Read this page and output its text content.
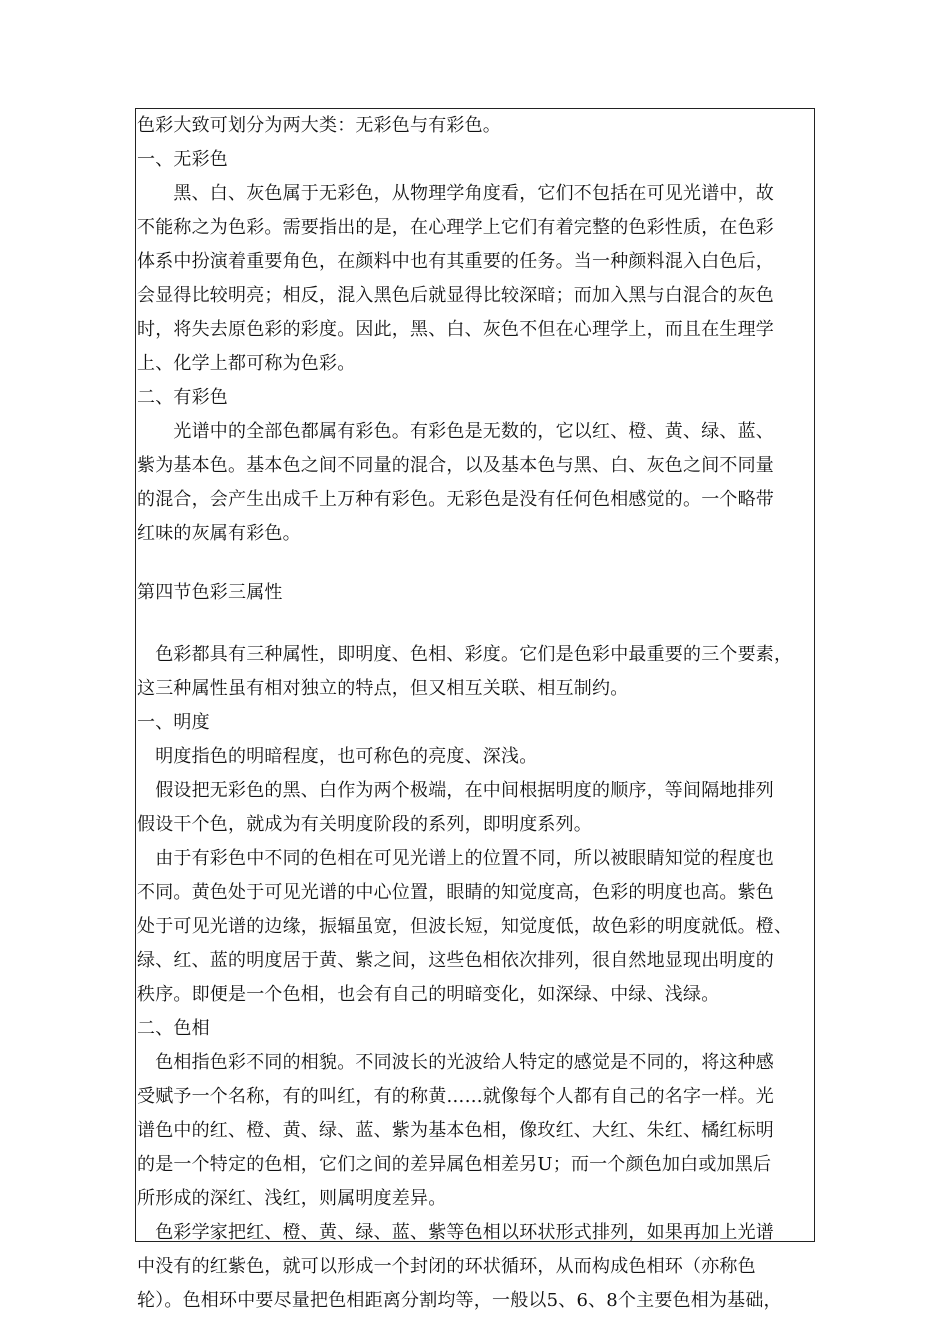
色彩大致可划分为两大类：无彩色与有彩色。
一、无彩色
　　黑、白、灰色属于无彩色，从物理学角度看，它们不包括在可见光谱中，故
不能称之为色彩。需要指出的是，在心理学上它们有着完整的色彩性质，在色彩
体系中扮演着重要角色，在颜料中也有其重要的任务。当一种颜料混入白色后，
会显得比较明亮；相反，混入黑色后就显得比较深暗；而加入黑与白混合的灰色
时，将失去原色彩的彩度。因此，黑、白、灰色不但在心理学上，而且在生理学
上、化学上都可称为色彩。
二、有彩色
　　光谱中的全部色都属有彩色。有彩色是无数的，它以红、橙、黄、绿、蓝、
紫为基本色。基本色之间不同量的混合，以及基本色与黑、白、灰色之间不同量
的混合，会产生出成千上万种有彩色。无彩色是没有任何色相感觉的。一个略带
红味的灰属有彩色。
第四节色彩三属性
　色彩都具有三种属性，即明度、色相、彩度。它们是色彩中最重要的三个要素，
这三种属性虽有相对独立的特点，但又相互关联、相互制约。
一、明度
　明度指色的明暗程度，也可称色的亮度、深浅。
　假设把无彩色的黑、白作为两个极端，在中间根据明度的顺序，等间隔地排列
假设干个色，就成为有关明度阶段的系列，即明度系列。
　由于有彩色中不同的色相在可见光谱上的位置不同，所以被眼睛知觉的程度也
不同。黄色处于可见光谱的中心位置，眼睛的知觉度高，色彩的明度也高。紫色
处于可见光谱的边缘，振辐虽宽，但波长短，知觉度低，故色彩的明度就低。橙、
绿、红、蓝的明度居于黄、紫之间，这些色相依次排列，很自然地显现出明度的
秩序。即便是一个色相，也会有自己的明暗变化，如深绿、中绿、浅绿。
二、色相
　色相指色彩不同的相貌。不同波长的光波给人特定的感觉是不同的，将这种感
受赋予一个名称，有的叫红，有的称黄……就像每个人都有自己的名字一样。光
谱色中的红、橙、黄、绿、蓝、紫为基本色相，像玫红、大红、朱红、橘红标明
的是一个特定的色相，它们之间的差异属色相差另U；而一个颜色加白或加黑后
所形成的深红、浅红，则属明度差异。
　色彩学家把红、橙、黄、绿、蓝、紫等色相以环状形式排列，如果再加上光谱
中没有的红紫色，就可以形成一个封闭的环状循环，从而构成色相环（亦称色
轮）。色相环中要尽量把色相距离分割均等，一般以5、6、8个主要色相为基础，
